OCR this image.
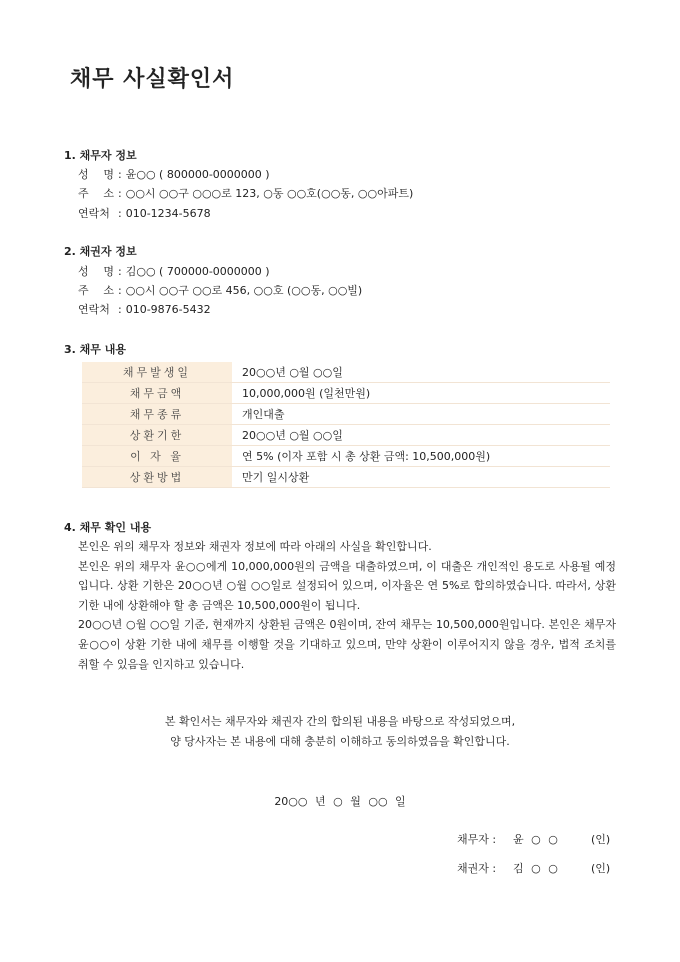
채무 사실확인서
1. 채무자 정보
성 명 : 윤○○ ( 800000-0000000 )
주 소 : ○○시 ○○구 ○○○로 123, ○동 ○○호(○○동, ○○아파트)
연락처 : 010-1234-5678
2. 채권자 정보
성 명 : 김○○ ( 700000-0000000 )
주 소 : ○○시 ○○구 ○○로 456, ○○호 (○○동, ○○빌)
연락처 : 010-9876-5432
3. 채무 내용
채무발생일	20○○년 ○월 ○○일
채무금액	10,000,000원 (일천만원)
채무종류	개인대출
상환기한	20○○년 ○월 ○○일
이 자 율	연 5% (이자 포함 시 총 상환 금액: 10,500,000원)
상환방법	만기 일시상환
4. 채무 확인 내용

본인은 위의 채무자 정보와 채권자 정보에 따라 아래의 사실을 확인합니다.

본인은 위의 채무자 윤○○에게 10,000,000원의 금액을 대출하였으며, 이 대출은 개인적인 용도로 사용될 예정입니다. 상환 기한은 20○○년 ○월 ○○일로 설정되어 있으며, 이자율은 연 5%로 합의하였습니다. 따라서, 상환 기한 내에 상환해야 할 총 금액은 10,500,000원이 됩니다.

20○○년 ○월 ○○일 기준, 현재까지 상환된 금액은 0원이며, 잔여 채무는 10,500,000원입니다. 본인은 채무자 윤○○이 상환 기한 내에 채무를 이행할 것을 기대하고 있으며, 만약 상환이 이루어지지 않을 경우, 법적 조치를 취할 수 있음을 인지하고 있습니다.

본 확인서는 채무자와 채권자 간의 합의된 내용을 바탕으로 작성되었으며,

양 당사자는 본 내용에 대해 충분히 이해하고 동의하였음을 확인합니다.

20○○ 년 ○ 월 ○○ 일
채무자 : 윤 ○ ○	(인)
채권자 : 김 ○ ○	(인)
